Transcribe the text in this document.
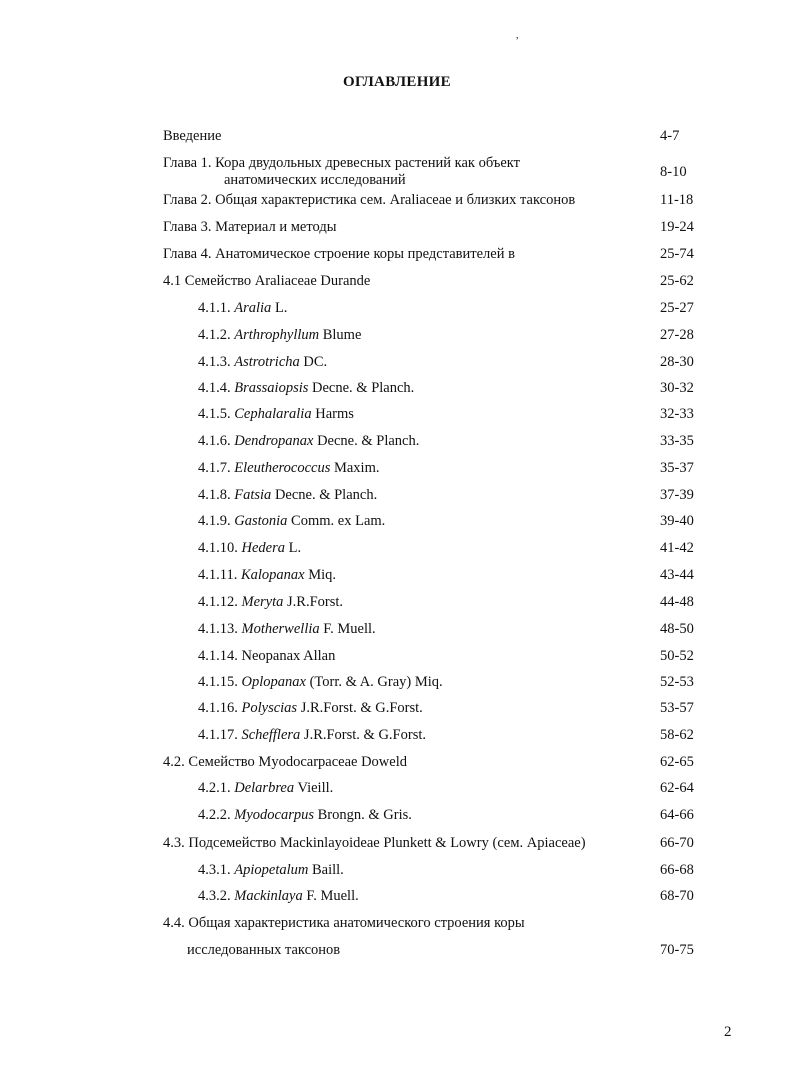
,
ОГЛАВЛЕНИЕ
Введение	4-7
Глава 1. Кора двудольных древесных растений как объект
анатомических исследований	8-10
Глава 2. Общая характеристика сем. Araliaceae и близких таксонов	11-18
Глава 3. Материал и методы	19-24
Глава 4. Анатомическое строение коры представителей в	25-74
4.1 Семейство Araliaceae Durande	25-62
4.1.1. Aralia L.	25-27
4.1.2. Arthrophyllum Blume	27-28
4.1.3. Astrotricha DC.	28-30
4.1.4. Brassaiopsis Decne. & Planch.	30-32
4.1.5. Cephalaralia Harms	32-33
4.1.6. Dendropanax Decne. & Planch.	33-35
4.1.7. Eleutherococcus Maxim.	35-37
4.1.8. Fatsia Decne. & Planch.	37-39
4.1.9. Gastonia Comm. ex Lam.	39-40
4.1.10. Hedera L.	41-42
4.1.11. Kalopanax Miq.	43-44
4.1.12. Meryta J.R.Forst.	44-48
4.1.13. Motherwellia F. Muell.	48-50
4.1.14. Neopanax Allan	50-52
4.1.15. Oplopanax (Torr. & A. Gray) Miq.	52-53
4.1.16. Polyscias J.R.Forst. & G.Forst.	53-57
4.1.17. Schefflera J.R.Forst. & G.Forst.	58-62
4.2. Семейство Myodocarpaceae Doweld	62-65
4.2.1. Delarbrea Vieill.	62-64
4.2.2. Myodocarpus Brongn. & Gris.	64-66
4.3. Подсемейство Mackinlayoideae Plunkett & Lowry (сем. Apiaceae)	66-70
4.3.1. Apiopetalum Baill.	66-68
4.3.2. Mackinlaya F. Muell.	68-70
4.4. Общая характеристика анатомического строения коры
исследованных таксонов	70-75
2
